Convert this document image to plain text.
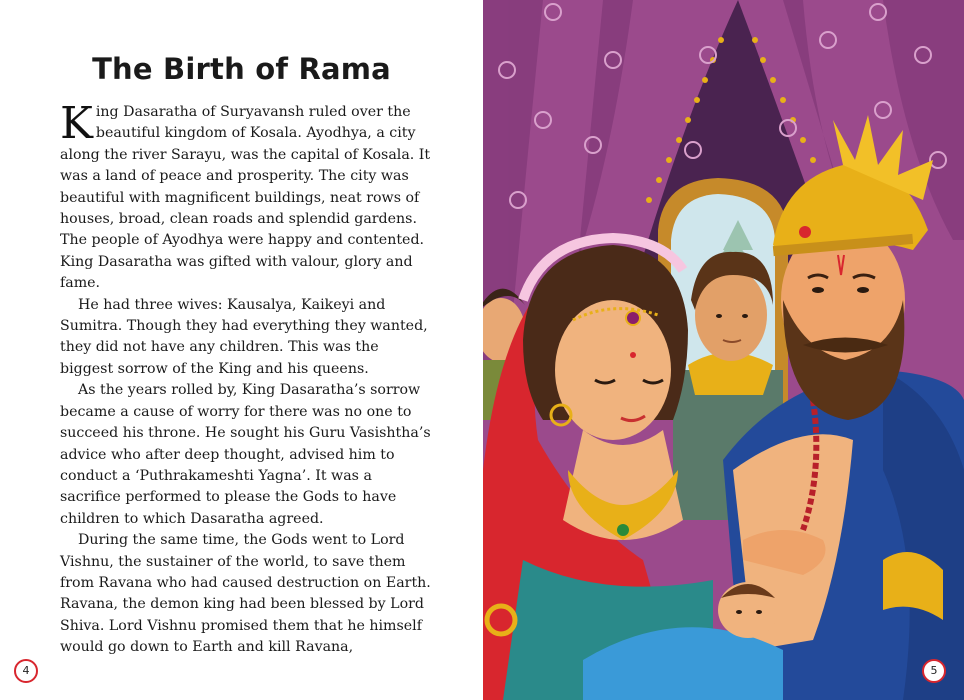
The Birth of Rama

King Dasaratha of Suryavansh ruled over the beautiful kingdom of Kosala. Ayodhya, a city along the river Sarayu, was the capital of Kosala. It was a land of peace and prosperity. The city was beautiful with magnificent buildings, neat rows of houses, broad, clean roads and splendid gardens. The people of Ayodhya were happy and contented. King Dasaratha was gifted with valour, glory and fame.

He had three wives: Kausalya, Kaikeyi and Sumitra. Though they had everything they wanted, they did not have any children. This was the biggest sorrow of the King and his queens.

As the years rolled by, King Dasaratha’s sorrow became a cause of worry for there was no one to succeed his throne. He sought his Guru Vasishtha’s advice who after deep thought, advised him to conduct a ‘Puthrakameshti Yagna’. It was a sacrifice performed to please the Gods to have children to which Dasaratha agreed.

During the same time, the Gods went to Lord Vishnu, the sustainer of the world, to save them from Ravana who had caused destruction on Earth. Ravana, the demon king had been blessed by Lord Shiva. Lord Vishnu promised them that he himself would go down to Earth and kill Ravana,

4	5
